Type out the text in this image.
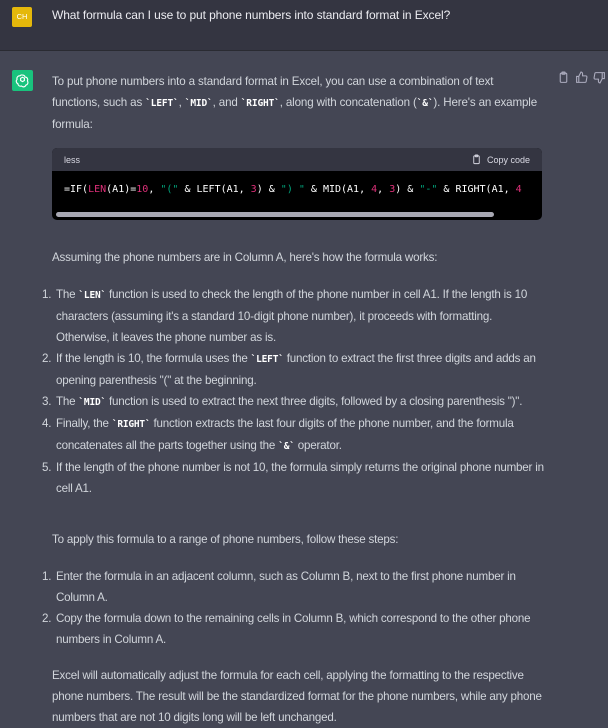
CH	What formula can I use to put phone numbers into standard format in Excel?

To put phone numbers into a standard format in Excel, you can use a combination of text functions, such as `LEFT`, `MID`, and `RIGHT`, along with concatenation (`&`). Here's an example formula:

less	Copy code
=IF(LEN(A1)=10, "(" & LEFT(A1, 3) & ") " & MID(A1, 4, 3) & "-" & RIGHT(A1, 4
Assuming the phone numbers are in Column A, here's how the formula works:
1. The `LEN` function is used to check the length of the phone number in cell A1. If the length is 10 characters (assuming it's a standard 10-digit phone number), it proceeds with formatting. Otherwise, it leaves the phone number as is.
2. If the length is 10, the formula uses the `LEFT` function to extract the first three digits and adds an opening parenthesis "(" at the beginning.
3. The `MID` function is used to extract the next three digits, followed by a closing parenthesis ")".
4. Finally, the `RIGHT` function extracts the last four digits of the phone number, and the formula concatenates all the parts together using the `&` operator.
5. If the length of the phone number is not 10, the formula simply returns the original phone number in cell A1.
To apply this formula to a range of phone numbers, follow these steps:
1. Enter the formula in an adjacent column, such as Column B, next to the first phone number in Column A.
2. Copy the formula down to the remaining cells in Column B, which correspond to the other phone numbers in Column A.
Excel will automatically adjust the formula for each cell, applying the formatting to the respective phone numbers. The result will be the standardized format for the phone numbers, while any phone numbers that are not 10 digits long will be left unchanged.
